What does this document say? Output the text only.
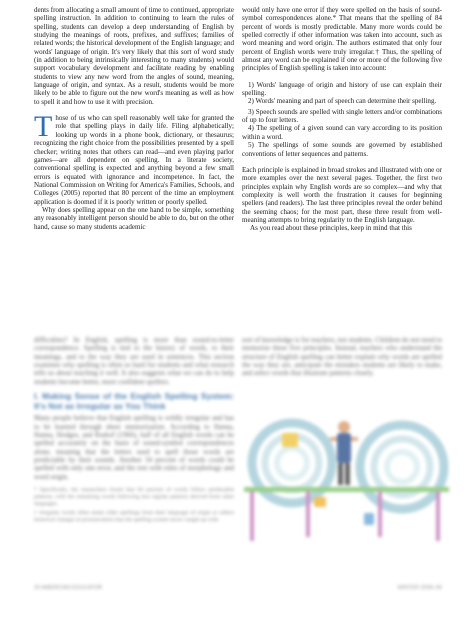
dents from allocating a small amount of time to continued, appropriate spelling instruction. In addition to continuing to learn the rules of spelling, students can develop a deep understanding of English by studying the meanings of roots, prefixes, and suffixes; families of related words; the historical development of the English language; and words' language of origin. It's very likely that this sort of word study (in addition to being intrinsically interesting to many students) would support vocabulary development and facilitate reading by enabling students to view any new word from the angles of sound, meaning, language of origin, and syntax. As a result, students would be more likely to be able to figure out the new word's meaning as well as how to spell it and how to use it with precision.

Those of us who can spell reasonably well take for granted the role that spelling plays in daily life. Filing alphabetically; looking up words in a phone book, dictionary, or thesaurus; recognizing the right choice from the possibilities presented by a spell checker; writing notes that others can read—and even playing parlor games—are all dependent on spelling. In a literate society, conventional spelling is expected and anything beyond a few small errors is equated with ignorance and incompetence. In fact, the National Commission on Writing for America's Families, Schools, and Colleges (2005) reported that 80 percent of the time an employment application is doomed if it is poorly written or poorly spelled.

Why does spelling appear on the one hand to be simple, something any reasonably intelligent person should be able to do, but on the other hand, cause so many students academic

would only have one error if they were spelled on the basis of sound-symbol correspondences alone.* That means that the spelling of 84 percent of words is mostly predictable. Many more words could be spelled correctly if other information was taken into account, such as word meaning and word origin. The authors estimated that only four percent of English words were truly irregular.† Thus, the spelling of almost any word can be explained if one or more of the following five principles of English spelling is taken into account:

1) Words' language of origin and history of use can explain their spelling.

2) Words' meaning and part of speech can determine their spelling.

3) Speech sounds are spelled with single letters and/or combinations of up to four letters.

4) The spelling of a given sound can vary according to its position within a word.

5) The spellings of some sounds are governed by established conventions of letter sequences and patterns.

Each principle is explained in broad strokes and illustrated with one or more examples over the next several pages. Together, the first two principles explain why English words are so complex—and why that complexity is well worth the frustration it causes for beginning spellers (and readers). The last three principles reveal the order behind the seeming chaos; for the most part, these three result from well-meaning attempts to bring regularity to the English language.

As you read about these principles, keep in mind that this

difficulties? In English, spelling is more than sound-to-letter correspondence. Spelling is tied to the history of words, to their meanings, and to the way they are used in sentences. This section examines why spelling is often so hard for students and what research tells us about teaching it well. It also suggests what we can do to help students become better, more confident spellers.

I. Making Sense of the English Spelling System: It's Not as Irregular as You Think

Many people believe that English spelling is wildly irregular and has to be learned through sheer memorization. According to Hanna, Hanna, Hodges, and Rudorf (1966), half of all English words can be spelled accurately on the basis of sound-symbol correspondences alone, meaning that the letters used to spell those words are predictable by their sounds. Another 34 percent of words could be spelled with only one error, and the rest with rules of morphology and word origin.

* Specifically, the researchers found that 84 percent of words follow predictable patterns, with the remaining words following less regular patterns derived from other languages.

† Irregular words often retain older spellings from their language of origin or reflect historical changes in pronunciation that the spelling system never caught up with.

sort of knowledge is for teachers, not students. Children do not need to memorize these five principles. Instead, teachers who understand the structure of English spelling can better explain why words are spelled the way they are, anticipate the mistakes students are likely to make, and select words that illustrate patterns clearly.

20 AMERICAN EDUCATOR	WINTER 2008–09
